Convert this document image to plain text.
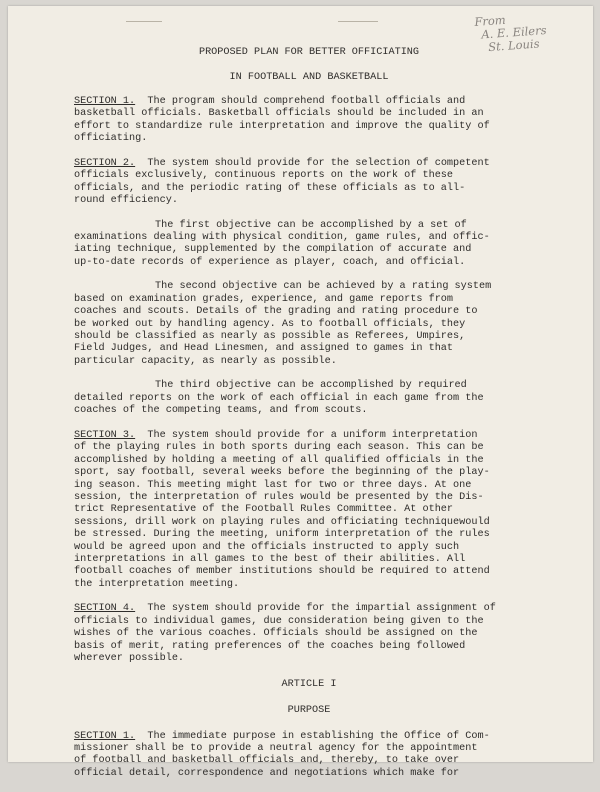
From
A. E. Eilers
St. Louis
PROPOSED PLAN FOR BETTER OFFICIATING
IN FOOTBALL AND BASKETBALL
SECTION 1. The program should comprehend football officials and
basketball officials. Basketball officials should be included in an
effort to standardize rule interpretation and improve the quality of
officiating.
SECTION 2. The system should provide for the selection of competent
officials exclusively, continuous reports on the work of these
officials, and the periodic rating of these officials as to all-
round efficiency.
The first objective can be accomplished by a set of
examinations dealing with physical condition, game rules, and offic-
iating technique, supplemented by the compilation of accurate and
up-to-date records of experience as player, coach, and official.
The second objective can be achieved by a rating system
based on examination grades, experience, and game reports from
coaches and scouts. Details of the grading and rating procedure to
be worked out by handling agency. As to football officials, they
should be classified as nearly as possible as Referees, Umpires,
Field Judges, and Head Linesmen, and assigned to games in that
particular capacity, as nearly as possible.
The third objective can be accomplished by required
detailed reports on the work of each official in each game from the
coaches of the competing teams, and from scouts.
SECTION 3. The system should provide for a uniform interpretation
of the playing rules in both sports during each season. This can be
accomplished by holding a meeting of all qualified officials in the
sport, say football, several weeks before the beginning of the play-
ing season. This meeting might last for two or three days. At one
session, the interpretation of rules would be presented by the Dis-
trict Representative of the Football Rules Committee. At other
sessions, drill work on playing rules and officiating techniquewould
be stressed. During the meeting, uniform interpretation of the rules
would be agreed upon and the officials instructed to apply such
interpretations in all games to the best of their abilities. All
football coaches of member institutions should be required to attend
the interpretation meeting.
SECTION 4. The system should provide for the impartial assignment of
officials to individual games, due consideration being given to the
wishes of the various coaches. Officials should be assigned on the
basis of merit, rating preferences of the coaches being followed
wherever possible.
ARTICLE I
PURPOSE
SECTION 1. The immediate purpose in establishing the Office of Com-
missioner shall be to provide a neutral agency for the appointment
of football and basketball officials and, thereby, to take over
official detail, correspondence and negotiations which make for
